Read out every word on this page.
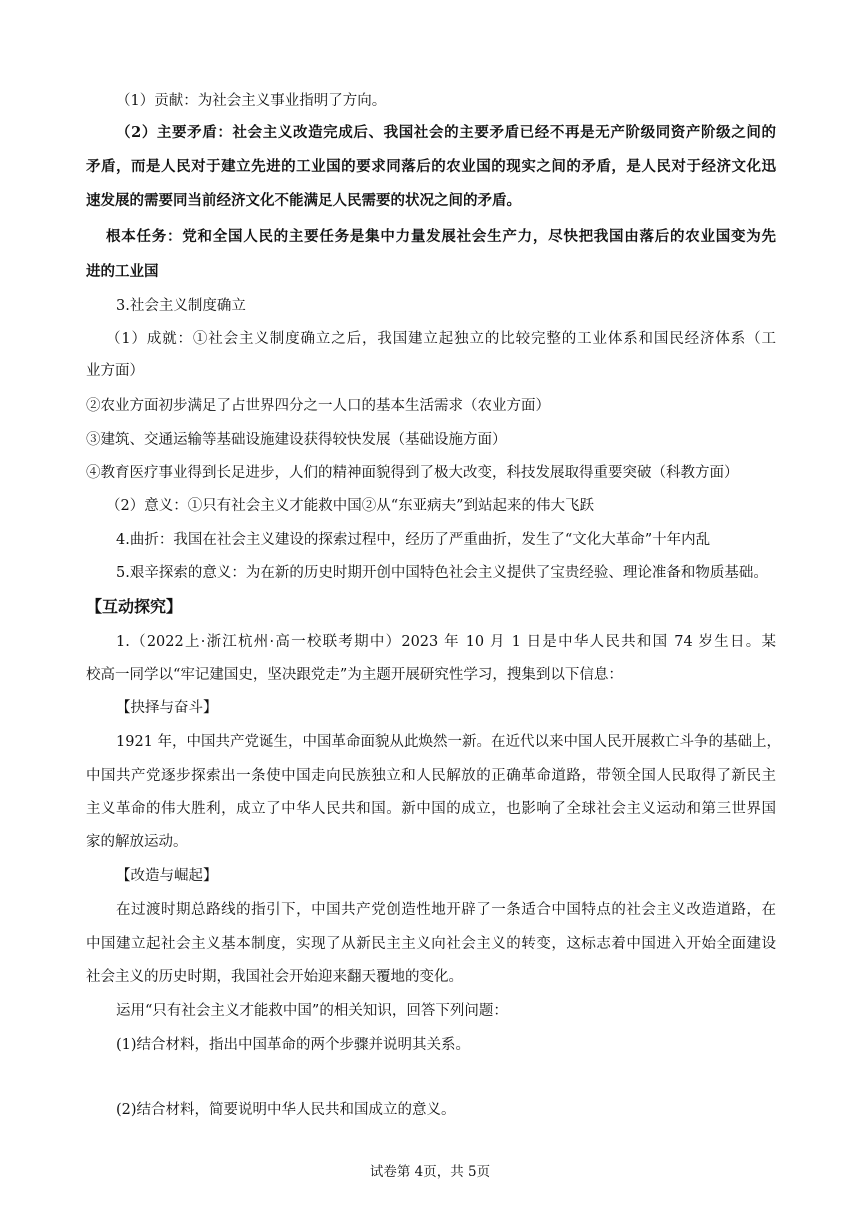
（1）贡献：为社会主义事业指明了方向。
（2）主要矛盾：社会主义改造完成后、我国社会的主要矛盾已经不再是无产阶级同资产阶级之间的
矛盾，而是人民对于建立先进的工业国的要求同落后的农业国的现实之间的矛盾，是人民对于经济文化迅
速发展的需要同当前经济文化不能满足人民需要的状况之间的矛盾。
根本任务：党和全国人民的主要任务是集中力量发展社会生产力，尽快把我国由落后的农业国变为先
进的工业国
3.社会主义制度确立
（1）成就：①社会主义制度确立之后，我国建立起独立的比较完整的工业体系和国民经济体系（工
业方面）
②农业方面初步满足了占世界四分之一人口的基本生活需求（农业方面）
③建筑、交通运输等基础设施建设获得较快发展（基础设施方面）
④教育医疗事业得到长足进步，人们的精神面貌得到了极大改变，科技发展取得重要突破（科教方面）
（2）意义：①只有社会主义才能救中国②从“东亚病夫”到站起来的伟大飞跃
4.曲折：我国在社会主义建设的探索过程中，经历了严重曲折，发生了“文化大革命”十年内乱
5.艰辛探索的意义：为在新的历史时期开创中国特色社会主义提供了宝贵经验、理论准备和物质基础。
【互动探究】
1.（2022上·浙江杭州·高一校联考期中）2023 年 10 月 1 日是中华人民共和国 74 岁生日。某
校高一同学以“牢记建国史，坚决跟党走”为主题开展研究性学习，搜集到以下信息：
【抉择与奋斗】
1921 年，中国共产党诞生，中国革命面貌从此焕然一新。在近代以来中国人民开展救亡斗争的基础上，
中国共产党逐步探索出一条使中国走向民族独立和人民解放的正确革命道路，带领全国人民取得了新民主
主义革命的伟大胜利，成立了中华人民共和国。新中国的成立，也影响了全球社会主义运动和第三世界国
家的解放运动。
【改造与崛起】
在过渡时期总路线的指引下，中国共产党创造性地开辟了一条适合中国特点的社会主义改造道路，在
中国建立起社会主义基本制度，实现了从新民主主义向社会主义的转变，这标志着中国进入开始全面建设
社会主义的历史时期，我国社会开始迎来翻天覆地的变化。
运用“只有社会主义才能救中国”的相关知识，回答下列问题：
(1)结合材料，指出中国革命的两个步骤并说明其关系。
(2)结合材料，简要说明中华人民共和国成立的意义。
试卷第 4页，共 5页
